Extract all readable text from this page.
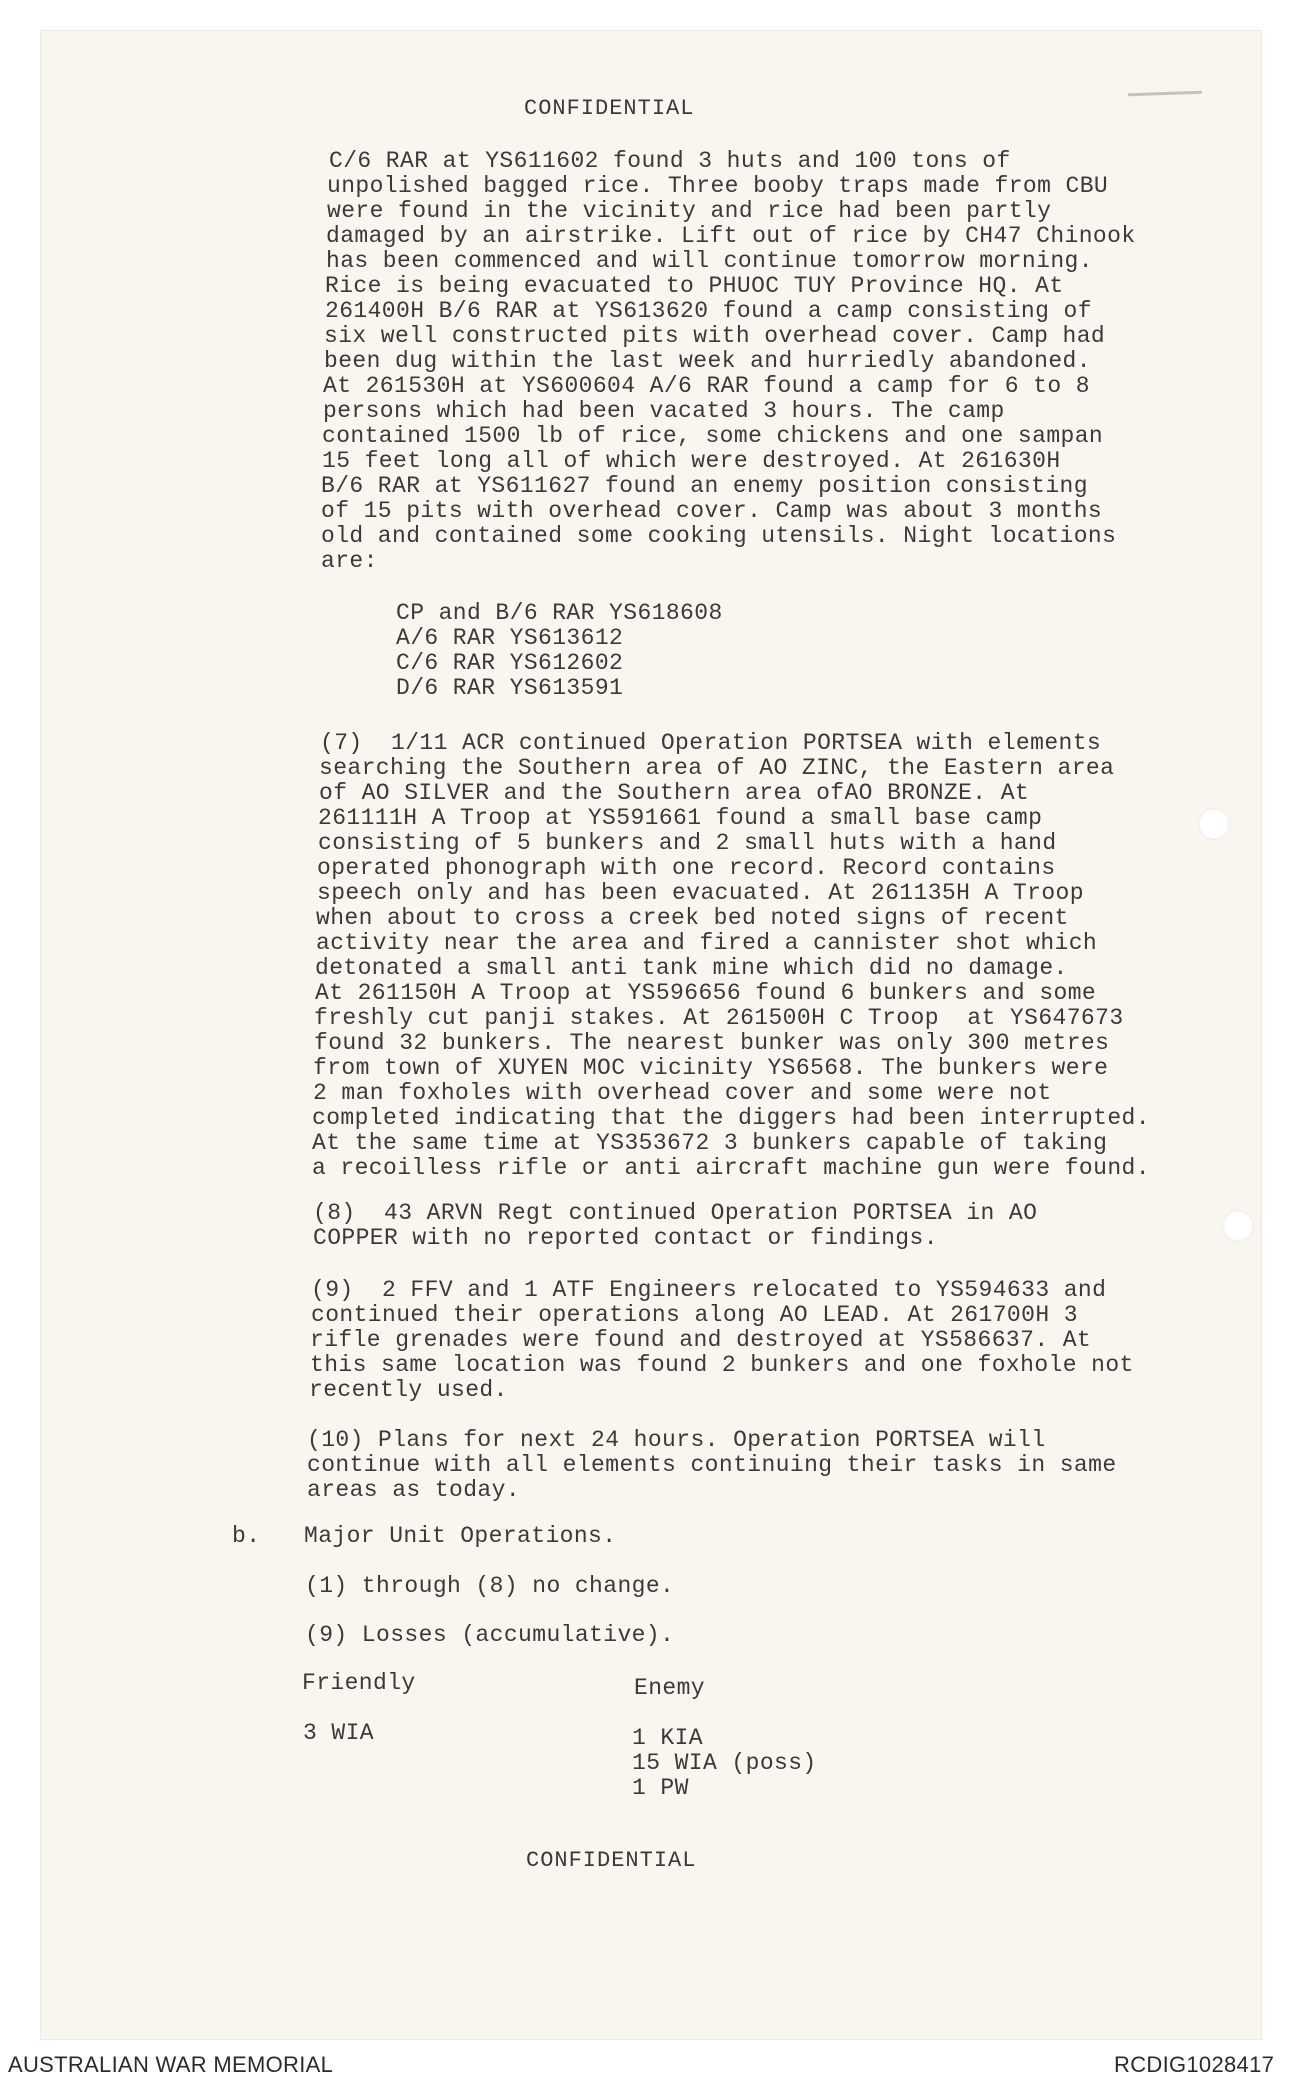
CONFIDENTIAL
C/6 RAR at YS611602 found 3 huts and 100 tons of
unpolished bagged rice. Three booby traps made from CBU
were found in the vicinity and rice had been partly
damaged by an airstrike. Lift out of rice by CH47 Chinook
has been commenced and will continue tomorrow morning.
Rice is being evacuated to PHUOC TUY Province HQ. At
261400H B/6 RAR at YS613620 found a camp consisting of
six well constructed pits with overhead cover. Camp had
been dug within the last week and hurriedly abandoned.
At 261530H at YS600604 A/6 RAR found a camp for 6 to 8
persons which had been vacated 3 hours. The camp
contained 1500 lb of rice, some chickens and one sampan
15 feet long all of which were destroyed. At 261630H
B/6 RAR at YS611627 found an enemy position consisting
of 15 pits with overhead cover. Camp was about 3 months
old and contained some cooking utensils. Night locations
are:
CP and B/6 RAR YS618608
A/6 RAR YS613612
C/6 RAR YS612602
D/6 RAR YS613591
(7)  1/11 ACR continued Operation PORTSEA with elements
searching the Southern area of AO ZINC, the Eastern area
of AO SILVER and the Southern area ofAO BRONZE. At
261111H A Troop at YS591661 found a small base camp
consisting of 5 bunkers and 2 small huts with a hand
operated phonograph with one record. Record contains
speech only and has been evacuated. At 261135H A Troop
when about to cross a creek bed noted signs of recent
activity near the area and fired a cannister shot which
detonated a small anti tank mine which did no damage.
At 261150H A Troop at YS596656 found 6 bunkers and some
freshly cut panji stakes. At 261500H C Troop  at YS647673
found 32 bunkers. The nearest bunker was only 300 metres
from town of XUYEN MOC vicinity YS6568. The bunkers were
2 man foxholes with overhead cover and some were not
completed indicating that the diggers had been interrupted.
At the same time at YS353672 3 bunkers capable of taking
a recoilless rifle or anti aircraft machine gun were found.
(8)  43 ARVN Regt continued Operation PORTSEA in AO
COPPER with no reported contact or findings.
(9)  2 FFV and 1 ATF Engineers relocated to YS594633 and
continued their operations along AO LEAD. At 261700H 3
rifle grenades were found and destroyed at YS586637. At
this same location was found 2 bunkers and one foxhole not
recently used.
(10) Plans for next 24 hours. Operation PORTSEA will
continue with all elements continuing their tasks in same
areas as today.
b. Major Unit Operations.
(1) through (8) no change.
(9) Losses (accumulative).
Friendly	Enemy
3 WIA	1 KIA
15 WIA (poss)
1 PW
CONFIDENTIAL
AUSTRALIAN WAR MEMORIAL	RCDIG1028417
